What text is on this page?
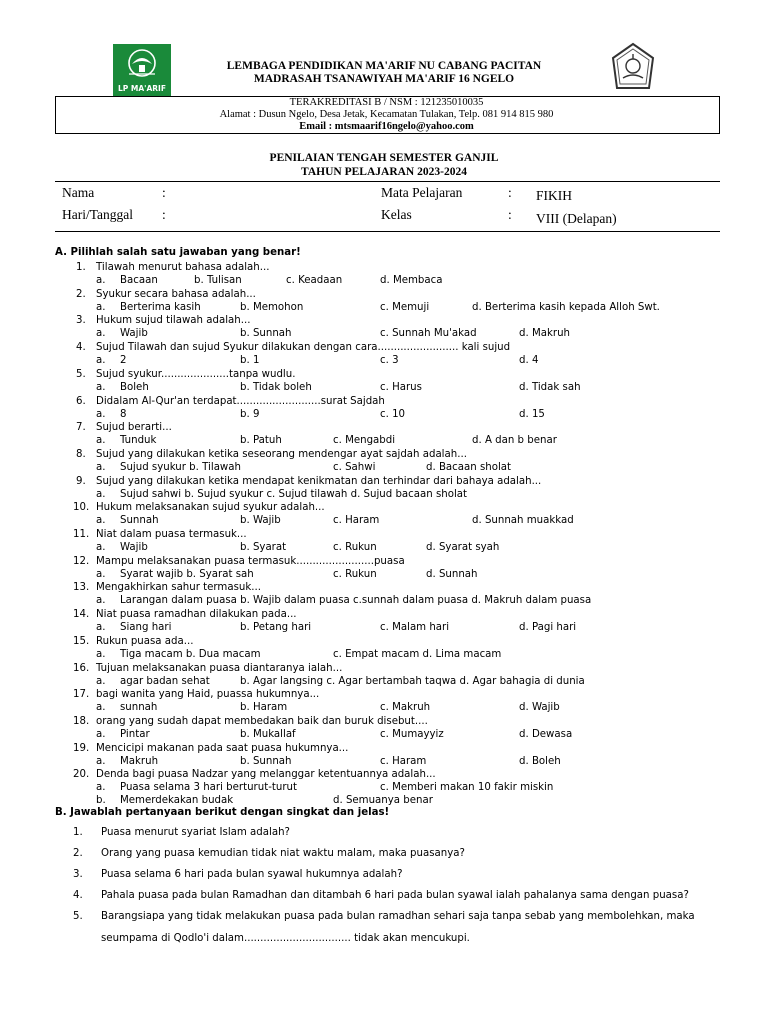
LP MA'ARIF
LEMBAGA PENDIDIKAN MA'ARIF NU CABANG PACITAN
MADRASAH TSANAWIYAH MA'ARIF 16 NGELO
TERAKREDITASI B / NSM : 121235010035
Alamat : Dusun Ngelo, Desa Jetak, Kecamatan Tulakan, Telp. 081 914 815 980
Email : mtsmaarif16ngelo@yahoo.com
PENILAIAN TENGAH SEMESTER GANJIL
TAHUN PELAJARAN 2023-2024
Nama	:	Mata Pelajaran	: FIKIH
Hari/Tanggal :	Kelas	: VIII (Delapan)
A. Pilihlah salah satu jawaban yang benar!
1. Tilawah menurut bahasa adalah...
a. Bacaan	b. Tulisan	c. Keadaan	d. Membaca
2. Syukur secara bahasa adalah...
a. Berterima kasih	b. Memohon	c. Memuji	d. Berterima kasih kepada Alloh Swt.
3. Hukum sujud tilawah adalah...
a. Wajib	b. Sunnah	c. Sunnah Mu'akad	d. Makruh
4. Sujud Tilawah dan sujud Syukur dilakukan dengan cara......................... kali sujud
a. 2	b. 1	c. 3	d. 4
5. Sujud syukur.....................tanpa wudlu.
a. Boleh	b. Tidak boleh	c. Harus	d. Tidak sah
6. Didalam Al-Qur'an terdapat..........................surat Sajdah
a. 8	b. 9	c. 10	d. 15
7. Sujud berarti...
a. Tunduk	b. Patuh	c. Mengabdi	d. A dan b benar
8. Sujud yang dilakukan ketika seseorang mendengar ayat sajdah adalah...
a. Sujud syukur b. Tilawah	c. Sahwi	d. Bacaan sholat
9. Sujud yang dilakukan ketika mendapat kenikmatan dan terhindar dari bahaya adalah...
a. Sujud sahwi b. Sujud syukur c. Sujud tilawah d. Sujud bacaan sholat
10. Hukum melaksanakan sujud syukur adalah...
a. Sunnah	b. Wajib	c. Haram	d. Sunnah muakkad
11. Niat dalam puasa termasuk...
a. Wajib	b. Syarat	c. Rukun	d. Syarat syah
12. Mampu melaksanakan puasa termasuk........................puasa
a. Syarat wajib b. Syarat sah	c. Rukun	d. Sunnah
13. Mengakhirkan sahur termasuk...
a. Larangan dalam puasa b. Wajib dalam puasa c.sunnah dalam puasa d. Makruh dalam puasa
14. Niat puasa ramadhan dilakukan pada...
a. Siang hari	b. Petang hari	c. Malam hari	d. Pagi hari
15. Rukun puasa ada...
a. Tiga macam b. Dua macam	c. Empat macam d. Lima macam
16. Tujuan melaksanakan puasa diantaranya ialah...
a. agar badan sehat	b. Agar langsing c. Agar bertambah taqwa d. Agar bahagia di dunia
17. bagi wanita yang Haid, puassa hukumnya...
a. sunnah	b. Haram	c. Makruh	d. Wajib
18. orang yang sudah dapat membedakan baik dan buruk disebut....
a. Pintar	b. Mukallaf	c. Mumayyiz	d. Dewasa
19. Mencicipi makanan pada saat puasa hukumnya...
a. Makruh	b. Sunnah	c. Haram	d. Boleh
20. Denda bagi puasa Nadzar yang melanggar ketentuannya adalah...
a. Puasa selama 3 hari berturut-turut	c. Memberi makan 10 fakir miskin
b. Memerdekakan budak	d. Semuanya benar
B. Jawablah pertanyaan berikut dengan singkat dan jelas!
1. Puasa menurut syariat Islam adalah?
2. Orang yang puasa kemudian tidak niat waktu malam, maka puasanya?
3. Puasa selama 6 hari pada bulan syawal hukumnya adalah?
4. Pahala puasa pada bulan Ramadhan dan ditambah 6 hari pada bulan syawal ialah pahalanya sama dengan puasa?
5. Barangsiapa yang tidak melakukan puasa pada bulan ramadhan sehari saja tanpa sebab yang membolehkan, maka
seumpama di Qodlo'i dalam................................. tidak akan mencukupi.
